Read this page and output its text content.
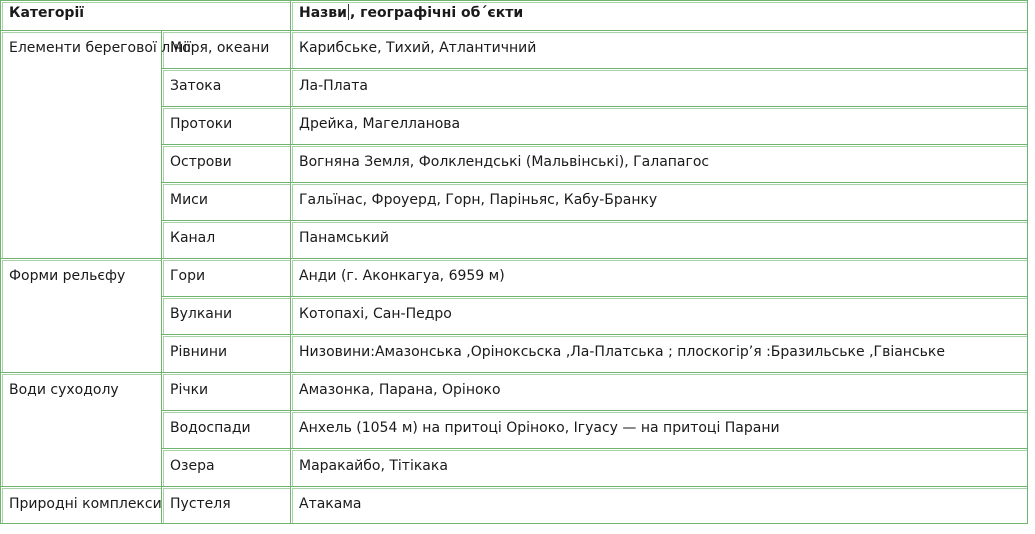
Категорії		Назви , географічні об´єкти
Елементи берегової лінії	Моря, океани	Карибське, Тихий, Атлантичний
	Затока	Ла-Плата
	Протоки	Дрейка, Магелланова
	Острови	Вогняна Земля, Фолклендські (Мальвінські), Галапагос
	Миси	Гальїнас, Фроуерд, Горн, Паріньяс, Кабу-Бранку
	Канал	Панамський
Форми рельєфу	Гори	Анди (г. Аконкагуа, 6959 м)
	Вулкани	Котопахі, Сан-Педро
	Рівнини	Низовини:Амазонська ,Оріноксьска ,Ла-Платська ; плоскогір’я :Бразильське ,Гвіанське
Води суходолу	Річки	Амазонка, Парана, Оріноко
	Водоспади	Анхель (1054 м) на притоці Оріноко, Ігуасу — на притоці Парани
	Озера	Маракайбо, Тітікака
Природні комплекси	Пустеля	Атакама
